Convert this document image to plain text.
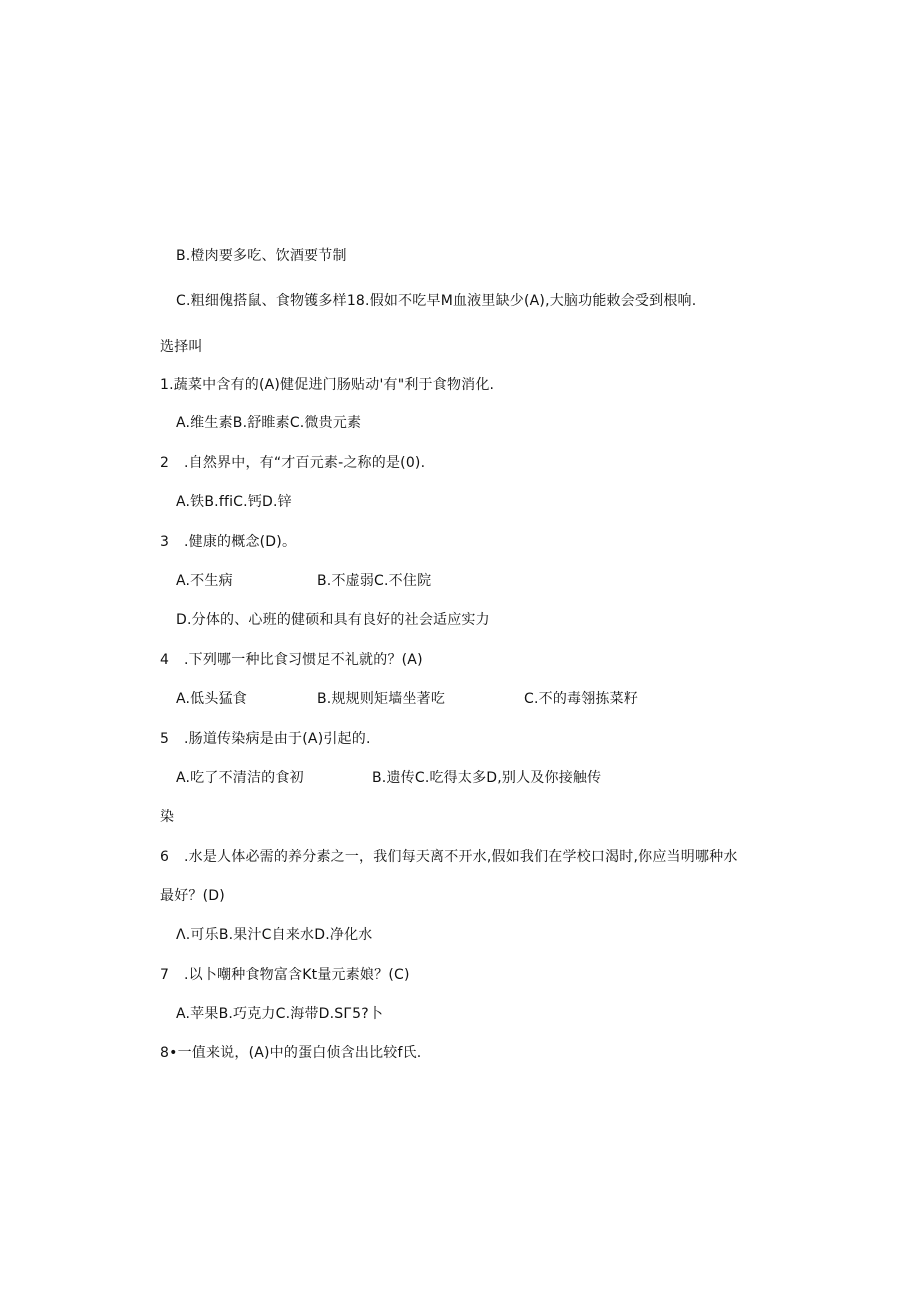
B.橙肉要多吃、饮酒要节制
C.粗细傀搭鼠、食物镬多样18.假如不吃早M血液里缺少(A),大脑功能敕会受到根响.
选择叫
1.蔬菜中含有的(A)健促进门肠贴动'有"利于食物消化.
A.维生素B.舒睢素C.微贵元素
2 .自然界中，有“才百元素-之称的是(0).
A.铁B.ffiC.钙D.锌
3 .健康的概念(D)。
A.不生病	B.不虚弱C.不住院
D.分体的、心班的健硕和具有良好的社会适应实力
4 .下列哪一种比食习惯足不礼就的？(A)
A.低头猛食	B.规规则矩墙坐著吃	C.不的毒翎拣菜籽
5 .肠道传染病是由于(A)引起的.
A.吃了不清洁的食初	B.遗传C.吃得太多D,别人及你接触传
染
6 .水是人体必需的养分素之一，我们每天离不开水,假如我们在学校口渴时,你应当明哪种水
最好？(D)
Λ.可乐B.果汁C自来水D.净化水
7 .以卜嘲种食物富含Kt量元素娘？(C)
A.苹果B.巧克力C.海带D.SГ5?卜
8•一值来说，(A)中的蛋白侦含出比较f氏.
